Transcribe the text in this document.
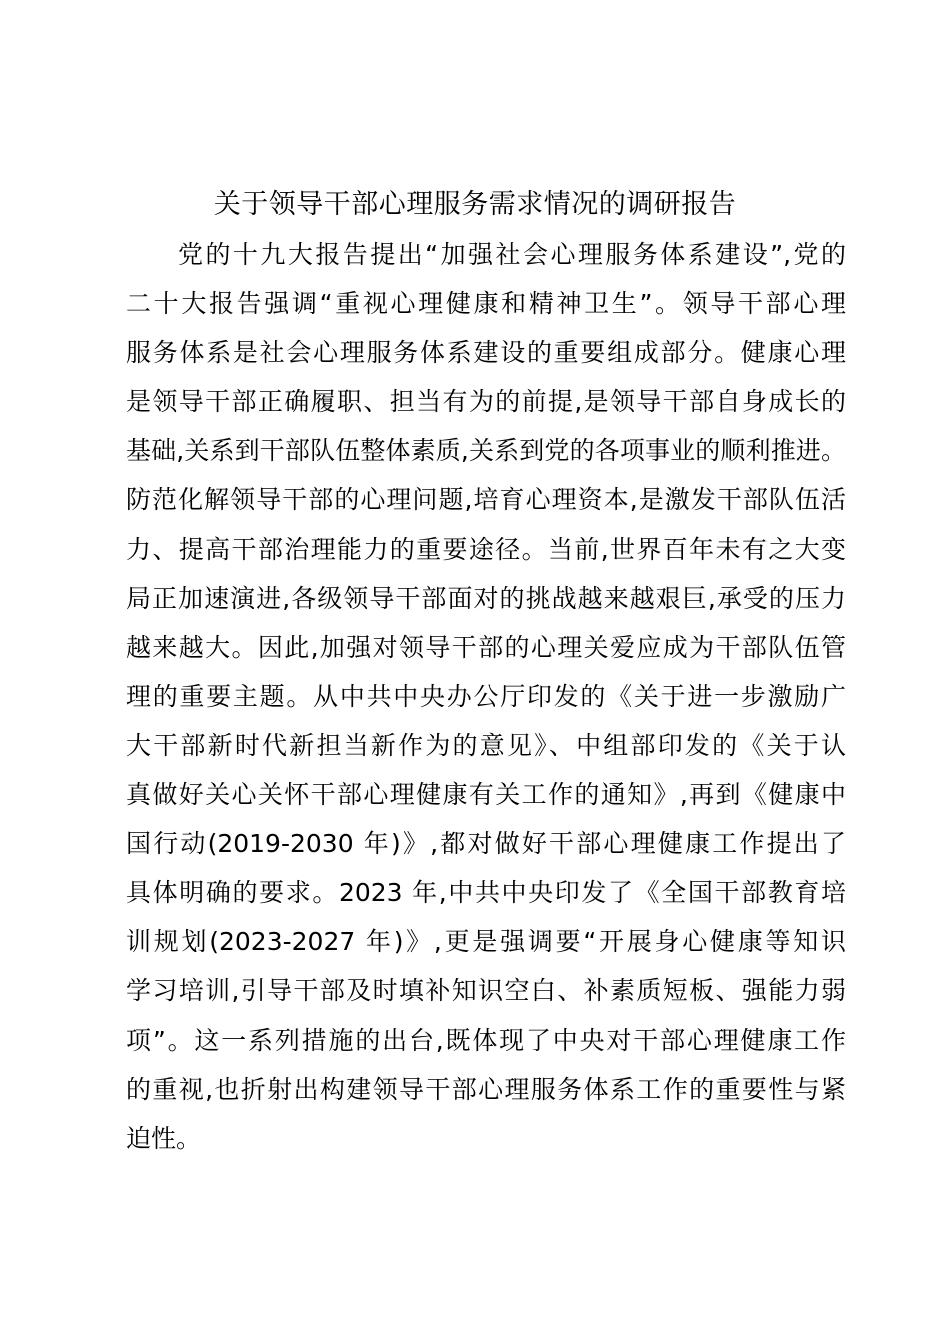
关于领导干部心理服务需求情况的调研报告
党的十九大报告提出“加强社会心理服务体系建设”,党的
二十大报告强调“重视心理健康和精神卫生”。领导干部心理
服务体系是社会心理服务体系建设的重要组成部分。健康心理
是领导干部正确履职、担当有为的前提,是领导干部自身成长的
基础,关系到干部队伍整体素质,关系到党的各项事业的顺利推进。
防范化解领导干部的心理问题,培育心理资本,是激发干部队伍活
力、提高干部治理能力的重要途径。当前,世界百年未有之大变
局正加速演进,各级领导干部面对的挑战越来越艰巨,承受的压力
越来越大。因此,加强对领导干部的心理关爱应成为干部队伍管
理的重要主题。从中共中央办公厅印发的《关于进一步激励广
大干部新时代新担当新作为的意见》、中组部印发的《关于认
真做好关心关怀干部心理健康有关工作的通知》,再到《健康中
国行动(2019-2030 年)》,都对做好干部心理健康工作提出了
具体明确的要求。2023 年,中共中央印发了《全国干部教育培
训规划(2023-2027 年)》,更是强调要“开展身心健康等知识
学习培训,引导干部及时填补知识空白、补素质短板、强能力弱
项”。这一系列措施的出台,既体现了中央对干部心理健康工作
的重视,也折射出构建领导干部心理服务体系工作的重要性与紧
迫性。
